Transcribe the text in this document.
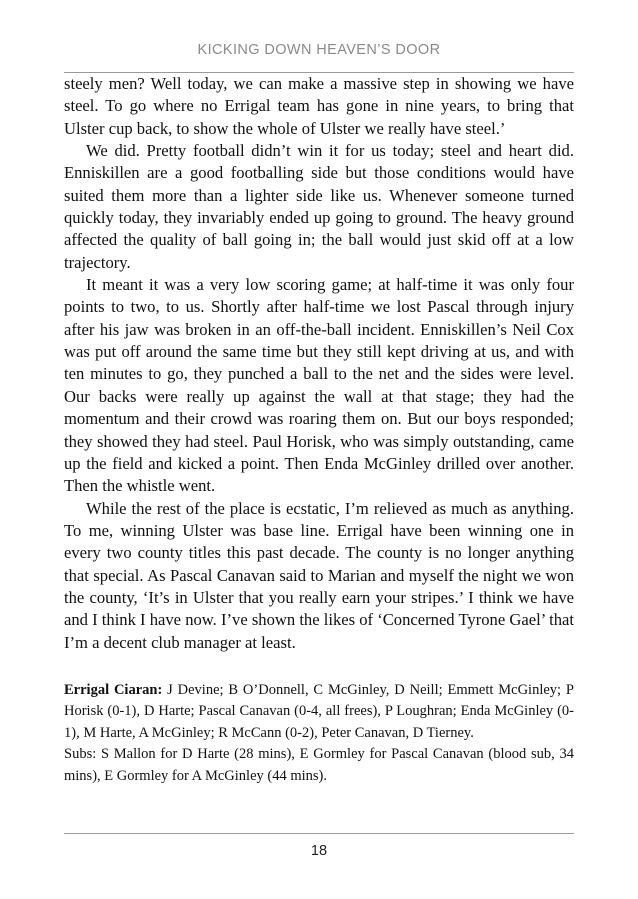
KICKING DOWN HEAVEN’S DOOR

steely men? Well today, we can make a massive step in showing we have steel. To go where no Errigal team has gone in nine years, to bring that Ulster cup back, to show the whole of Ulster we really have steel.’

We did. Pretty football didn’t win it for us today; steel and heart did. Enniskillen are a good footballing side but those conditions would have suited them more than a lighter side like us. Whenever someone turned quickly today, they invariably ended up going to ground. The heavy ground affected the quality of ball going in; the ball would just skid off at a low trajectory.

It meant it was a very low scoring game; at half-time it was only four points to two, to us. Shortly after half-time we lost Pascal through injury after his jaw was broken in an off-the-ball incident. Enniskillen’s Neil Cox was put off around the same time but they still kept driving at us, and with ten minutes to go, they punched a ball to the net and the sides were level. Our backs were really up against the wall at that stage; they had the momentum and their crowd was roaring them on. But our boys responded; they showed they had steel. Paul Horisk, who was simply outstanding, came up the field and kicked a point. Then Enda McGinley drilled over another. Then the whistle went.

While the rest of the place is ecstatic, I’m relieved as much as anything. To me, winning Ulster was base line. Errigal have been winning one in every two county titles this past decade. The county is no longer anything that special. As Pascal Canavan said to Marian and myself the night we won the county, ‘It’s in Ulster that you really earn your stripes.’ I think we have and I think I have now. I’ve shown the likes of ‘Concerned Tyrone Gael’ that I’m a decent club manager at least.

Errigal Ciaran: J Devine; B O’Donnell, C McGinley, D Neill; Emmett McGinley; P Horisk (0-1), D Harte; Pascal Canavan (0-4, all frees), P Loughran; Enda McGinley (0-1), M Harte, A McGinley; R McCann (0-2), Peter Canavan, D Tierney.

Subs: S Mallon for D Harte (28 mins), E Gormley for Pascal Canavan (blood sub, 34 mins), E Gormley for A McGinley (44 mins).

18
